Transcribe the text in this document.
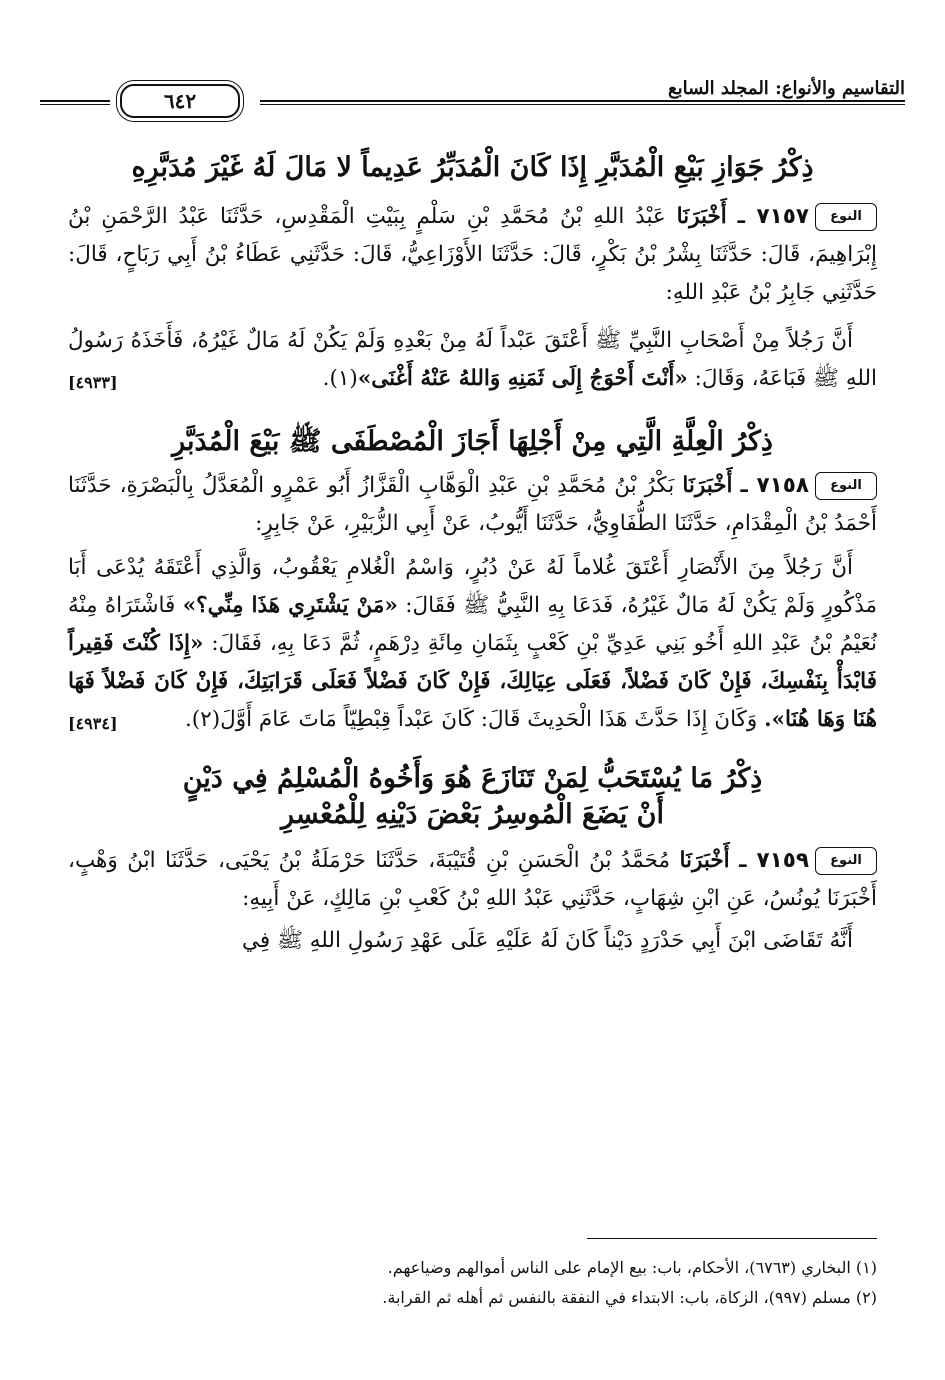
التقاسيم والأنواع: المجلد السابع
٦٤٢
ذِكْرُ جَوَازِ بَيْعِ الْمُدَبَّرِ إِذَا كَانَ الْمُدَبِّرُ عَدِيماً لا مَالَ لَهُ غَيْرَ مُدَبَّرِهِ

النوع٧١٥٧ ـ أَخْبَرَنَا عَبْدُ اللهِ بْنُ مُحَمَّدِ بْنِ سَلْمٍ بِبَيْتِ الْمَقْدِسِ، حَدَّثَنَا عَبْدُ الرَّحْمَنِ بْنُ إِبْرَاهِيمَ، قَالَ: حَدَّثَنَا بِشْرُ بْنُ بَكْرٍ، قَالَ: حَدَّثَنَا الأَوْزَاعِيُّ، قَالَ: حَدَّثَنِي عَطَاءُ بْنُ أَبِي رَبَاحٍ، قَالَ: حَدَّثَنِي جَابِرُ بْنُ عَبْدِ اللهِ:

أَنَّ رَجُلاً مِنْ أَصْحَابِ النَّبِيِّ ﷺ أَعْتَقَ عَبْداً لَهُ مِنْ بَعْدِهِ وَلَمْ يَكُنْ لَهُ مَالٌ غَيْرُهُ، فَأَخَذَهُ رَسُولُ اللهِ ﷺ فَبَاعَهُ، وَقَالَ: «أَنْتَ أَحْوَجُ إِلَى ثَمَنِهِ وَاللهُ عَنْهُ أَغْنَى»(١).
[٤٩٣٣]

ذِكْرُ الْعِلَّةِ الَّتِي مِنْ أَجْلِهَا أَجَازَ الْمُصْطَفَى ﷺ بَيْعَ الْمُدَبَّرِ

النوع٧١٥٨ ـ أَخْبَرَنَا بَكْرُ بْنُ مُحَمَّدِ بْنِ عَبْدِ الْوَهَّابِ الْقَزَّازُ أَبُو عَمْرٍو الْمُعَدَّلُ بِالْبَصْرَةِ، حَدَّثَنَا أَحْمَدُ بْنُ الْمِقْدَامِ، حَدَّثَنَا الطُّفَاوِيُّ، حَدَّثَنَا أَيُّوبُ، عَنْ أَبِي الزُّبَيْرِ، عَنْ جَابِرٍ:

أَنَّ رَجُلاً مِنَ الأَنْصَارِ أَعْتَقَ غُلاماً لَهُ عَنْ دُبُرٍ، وَاسْمُ الْغُلامِ يَعْقُوبُ، وَالَّذِي أَعْتَقَهُ يُدْعَى أَبَا مَذْكُورٍ وَلَمْ يَكُنْ لَهُ مَالٌ غَيْرُهُ، فَدَعَا بِهِ النَّبِيُّ ﷺ فَقَالَ: «مَنْ يَشْتَرِي هَذَا مِنِّي؟» فَاشْتَرَاهُ مِنْهُ نُعَيْمُ بْنُ عَبْدِ اللهِ أَخُو بَنِي عَدِيِّ بْنِ كَعْبٍ بِثَمَانِ مِائَةِ دِرْهَمٍ، ثُمَّ دَعَا بِهِ، فَقَالَ: «إِذَا كُنْتَ فَقِيراً فَابْدَأْ بِنَفْسِكَ، فَإِنْ كَانَ فَضْلاً، فَعَلَى عِيَالِكَ، فَإِنْ كَانَ فَضْلاً فَعَلَى قَرَابَتِكَ، فَإِنْ كَانَ فَضْلاً فَهَا هُنَا وَهَا هُنَا». وَكَانَ إِذَا حَدَّثَ هَذَا الْحَدِيثَ قَالَ: كَانَ عَبْداً قِبْطِيّاً مَاتَ عَامَ أَوَّلَ(٢).
[٤٩٣٤]

ذِكْرُ مَا يُسْتَحَبُّ لِمَنْ تَنَازَعَ هُوَ وَأَخُوهُ الْمُسْلِمُ فِي دَيْنٍ
أَنْ يَضَعَ الْمُوسِرُ بَعْضَ دَيْنِهِ لِلْمُعْسِرِ

النوع٧١٥٩ ـ أَخْبَرَنَا مُحَمَّدُ بْنُ الْحَسَنِ بْنِ قُتَيْبَةَ، حَدَّثَنَا حَرْمَلَةُ بْنُ يَحْيَى، حَدَّثَنَا ابْنُ وَهْبٍ، أَخْبَرَنَا يُونُسُ، عَنِ ابْنِ شِهَابٍ، حَدَّثَنِي عَبْدُ اللهِ بْنُ كَعْبِ بْنِ مَالِكٍ، عَنْ أَبِيهِ:

أَنَّهُ تَقَاضَى ابْنَ أَبِي حَدْرَدٍ دَيْناً كَانَ لَهُ عَلَيْهِ عَلَى عَهْدِ رَسُولِ اللهِ ﷺ فِي

(١) البخاري (٦٧٦٣)، الأحكام، باب: بيع الإمام على الناس أموالهم وضياعهم.

(٢) مسلم (٩٩٧)، الزكاة، باب: الابتداء في النفقة بالنفس ثم أهله ثم القرابة.
